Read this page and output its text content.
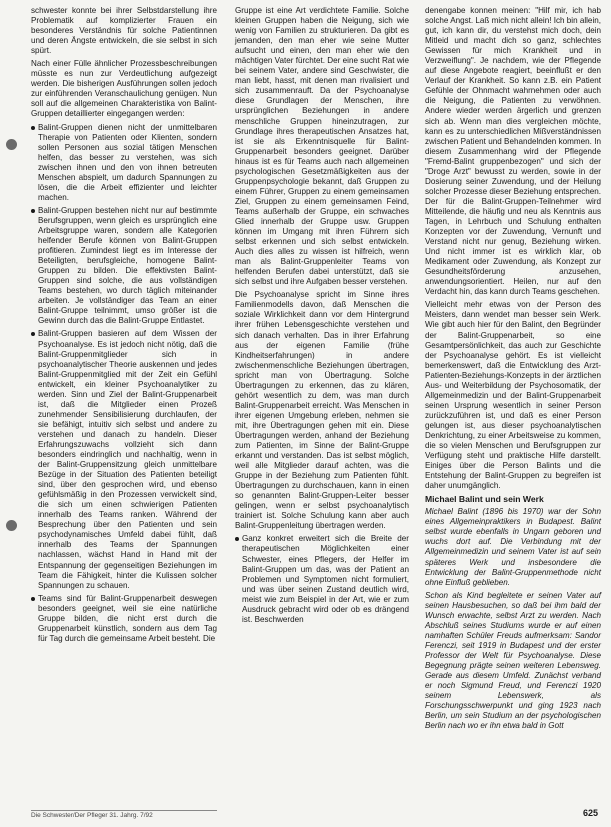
schwester konnte bei ihrer Selbstdarstellung ihre Problematik auf komplizierter Frauen ein besonderes Verständnis für solche Patientinnen und deren Ängste entwickeln, die sie selbst in sich spürt.

Nach einer Fülle ähnlicher Prozessbeschreibungen müsste es nun zur Verdeutlichung aufgezeigt werden. Die bisherigen Ausführungen sollen jedoch zur einführenden Veranschaulichung genügen. Nun soll auf die allgemeinen Charakteristika von Balint-Gruppen detaillierter eingegangen werden:

Balint-Gruppen dienen nicht der unmittelbaren Therapie von Patienten oder Klienten, sondern sollen Personen aus sozial tätigen Menschen helfen, das besser zu verstehen, was sich zwischen ihnen und den von ihnen betreuten Menschen abspielt, um dadurch Spannungen zu lösen, die die Arbeit effizienter und leichter machen.

Balint-Gruppen bestehen nicht nur auf bestimmte Berufsgruppen, wenn gleich es ursprünglich eine Arbeitsgruppe waren, sondern alle Kategorien helfender Berufe können von Balint-Gruppen profitieren. Zumindest liegt es im Interesse der Beteiligten, berufsgleiche, homogene Balint-Gruppen zu bilden. Die effektivsten Balint-Gruppen sind solche, die aus vollständigen Teams bestehen, wo durch täglich miteinander arbeiten. Je vollständiger das Team an einer Balint-Gruppe teilnimmt, umso größer ist die Gewinn durch das die Balint-Gruppe Entlastet.

Balint-Gruppen basieren auf dem Wissen der Psychoanalyse. Es ist jedoch nicht nötig, daß die Balint-Gruppenmitglieder sich in psychoanalytischer Theorie auskennen und jedes Balint-Gruppenmitglied mit der Zeit ein Gefühl entwickelt, ein kleiner Psychoanalytiker zu werden. Sinn und Ziel der Balint-Gruppenarbeit ist, daß die Mitglieder einen Prozeß zunehmender Sensibilisierung durchlaufen, der sie befähigt, intuitiv sich selbst und andere zu verstehen und danach zu handeln. Dieser Erfahrungszuwachs vollzieht sich dann besonders eindringlich und nachhaltig, wenn in der Balint-Gruppensitzung gleich unmittelbare Bezüge in der Situation des Patienten beteiligt sind, über den gesprochen wird, und ebenso gefühlsmäßig in den Prozessen verwickelt sind, die sich um einen schwierigen Patienten innerhalb des Teams ranken. Während der Besprechung über den Patienten und sein psychodynamisches Umfeld dabei fühlt, daß innerhalb des Teams der Spannungen nachlassen, wächst Hand in Hand mit der Entspannung der gegenseitigen Beziehungen im Team die Fähigkeit, hinter die Kulissen solcher Spannungen zu schauen.

Teams sind für Balint-Gruppenarbeit deswegen besonders geeignet, weil sie eine natürliche Gruppe bilden, die nicht erst durch die Gruppenarbeit künstlich, sondern aus dem Tag für Tag durch die gemeinsame Arbeit besteht. Die

Gruppe ist eine Art verdichtete Familie. Solche kleinen Gruppen haben die Neigung, sich wie wenig von Familien zu strukturieren. Da gibt es jemanden, den man eher wie seine Mutter aufsucht und einen, den man eher wie den mächtigen Vater fürchtet. Der eine sucht Rat wie bei seinem Vater, andere sind Geschwister, die man liebt, hasst, mit denen man rivalisiert und sich zusammenrauft. Da der Psychoanalyse diese Grundlagen der Menschen, ihre ursprünglichen Beziehungen in andere menschliche Gruppen hineinzutragen, zur Grundlage ihres therapeutischen Ansatzes hat, ist sie als Erkenntnisquelle für Balint-Gruppenarbeit besonders geeignet. Darüber hinaus ist es für Teams auch nach allgemeinen psychologischen Gesetzmäßigkeiten aus der Gruppenpsychologie bekannt, daß Gruppen zu einem Führer, Gruppen zu einem gemeinsamen Ziel, Gruppen zu einem gemeinsamen Feind, Teams außerhalb der Gruppe, ein schwaches Glied innerhalb der Gruppe usw. Gruppen können im Umgang mit ihren Führern sich selbst erkennen und sich selbst entwickeln. Auch dies alles zu wissen ist hilfreich, wenn man als Balint-Gruppenleiter Teams von helfenden Berufen dabei unterstützt, daß sie sich selbst und ihre Aufgaben besser verstehen.

Die Psychoanalyse spricht im Sinne ihres Familienmodells davon, daß Menschen die soziale Wirklichkeit dann vor dem Hintergrund ihrer frühen Lebensgeschichte verstehen und sich danach verhalten. Das in ihrer Erfahrung aus der eigenen Familie (frühe Kindheitserfahrungen) in andere zwischenmenschliche Beziehungen übertragen, spricht man von Übertragung. Solche Übertragungen zu erkennen, das zu klären, gehört wesentlich zu dem, was man durch Balint-Gruppenarbeit erreicht. Was Menschen in ihrer eigenen Umgebung erleben, nehmen sie mit, ihre Übertragungen gehen mit ein. Diese Übertragungen werden, anhand der Beziehung zum Patienten, im Sinne der Balint-Gruppe erkannt und verstanden. Das ist selbst möglich, weil alle Mitglieder darauf achten, was die Gruppe in der Beziehung zum Patienten fühlt. Übertragungen zu durchschauen, kann in einen so genannten Balint-Gruppen-Leiter besser gelingen, wenn er selbst psychoanalytisch trainiert ist. Solche Schulung kann aber auch Balint-Gruppenleitung übertragen werden.

Ganz konkret erweitert sich die Breite der therapeutischen Möglichkeiten einer Schwester, eines Pflegers, der Helfer im Balint-Gruppen um das, was der Patient an Problemen und Symptomen nicht formuliert, und was über seinen Zustand deutlich wird, meist wie zum Beispiel in der Art, wie er zum Ausdruck gebracht wird oder ob es drängend ist. Beschwerden

denengabe konnen meinen: "Hilf mir, ich hab solche Angst. Laß mich nicht allein! Ich bin allein, gut, ich kann dir, du verstehst mich doch, dein Mitleid und macht dich so ganz, schlechtes Gewissen für mich Krankheit und in Verzweiflung". Je nachdem, wie der Pflegende auf diese Angebote reagiert, beeinflußt er den Verlauf der Krankheit. So kann z.B. ein Patient Gefühle der Ohnmacht wahrnehmen oder auch die Neigung, die Patienten zu verwöhnen. Andere wieder werden ärgerlich und grenzen sich ab. Wenn man dies vergleichen möchte, kann es zu unterschiedlichen Mißverständnissen zwischen Patient und Behandelnden kommen. In diesem Zusammenhang wird der Pflegende "Fremd-Balint gruppenbezogen" und sich der "Droge Arzt" bewusst zu werden, sowie in der Dosierung seiner Zuwendung, und der Heilung solcher Prozesse dieser Beziehung entsprechen. Der für die Balint-Gruppen-Teilnehmer wird Mitteilende, die häufig und neu als Kenntnis aus Tagen, in Lehrbuch und Schulung enthalten Konzepten vor der Zuwendung, Vernunft und Verstand nicht nur genug, Beziehung wirken. Und nicht immer ist es wirklich klar, ob Medikament oder Zuwendung, als Konzept zur Gesundheitsförderung anzusehen, anwendungsorientiert. Heilen, nur auf den Verdacht hin, das kann durch Teams geschehen.

Vielleicht mehr etwas von der Person des Meisters, dann wendet man besser sein Werk. Wie gibt auch hier für den Balint, den Begründer der Balint-Gruppenarbeit, so eine Gesamtpersönlichkeit, das auch zur Geschichte der Psychoanalyse gehört. Es ist vielleicht bemerkenswert, daß die Entwicklung des Arzt-Patienten-Beziehungs-Konzepts in der ärztlichen Aus- und Weiterbildung der Psychosomatik, der Allgemeinmedizin und der Balint-Gruppenarbeit seinen Ursprung wesentlich in seiner Person zurückzuführen ist, und daß es einer Person gelungen ist, aus dieser psychoanalytischen Denkrichtung, zu einer Arbeitsweise zu kommen, die so vielen Menschen und Berufsgruppen zur Verfügung steht und praktische Hilfe darstellt. Einiges über die Person Balints und die Entstehung der Balint-Gruppen zu begreifen ist daher unumgänglich.

Michael Balint und sein Werk

Michael Balint (1896 bis 1970) war der Sohn eines Allgemeinpraktikers in Budapest. Balint selbst wurde ebenfalls in Ungarn geboren und wuchs dort auf. Die Verbindung mit der Allgemeinmedizin und seinem Vater ist auf sein späteres Werk und insbesondere die Entwicklung der Balint-Gruppenmethode nicht ohne Einfluß geblieben.

Schon als Kind begleitete er seinen Vater auf seinen Hausbesuchen, so daß bei ihm bald der Wunsch erwachte, selbst Arzt zu werden. Nach Abschluß seines Studiums wurde er auf einen namhaften Schüler Freuds aufmerksam: Sandor Ferenczi, seit 1919 in Budapest und der erster Professor der Welt für Psychoanalyse. Diese Begegnung prägte seinen weiteren Lebensweg. Gerade aus diesem Umfeld. Zunächst verband er noch Sigmund Freud, und Ferenczi 1920 seinem Lebenswerk, als Forschungsschwerpunkt und ging 1923 nach Berlin, um sein Studium an der psychologischen Berlin nach wo er ihn etwa bald in Gott

Die Schwester/Der Pfleger 31. Jahrg. 7/92	625
